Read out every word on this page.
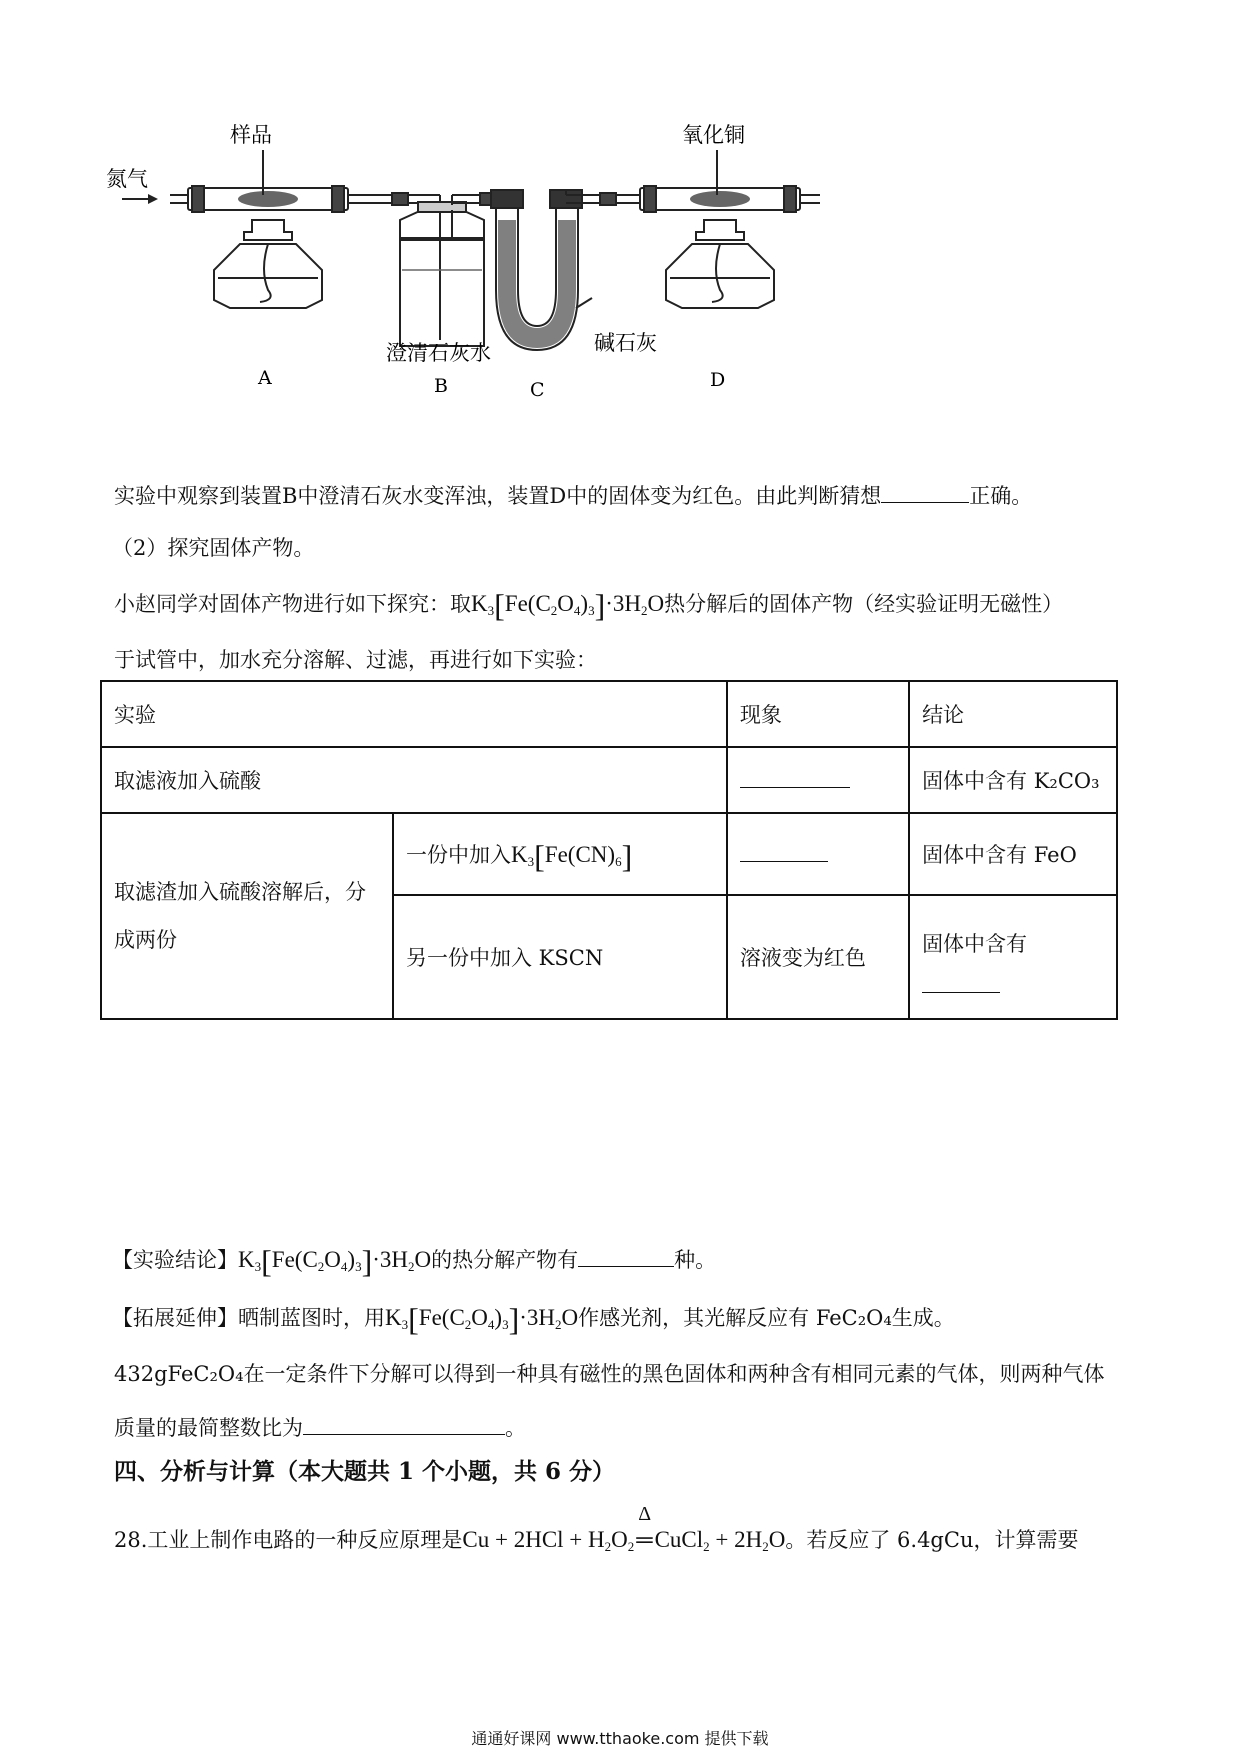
样品
氮气
氧化铜
澄清石灰水	碱石灰
A	B	C	D
实验中观察到装置B中澄清石灰水变浑浊，装置D中的固体变为红色。由此判断猜想	正确。
（2）探究固体产物。
小赵同学对固体产物进行如下探究：取$K_3[Fe(C_2O_4)_3]\cdot 3H_2O$热分解后的固体产物（经实验证明无磁性）
于试管中，加水充分溶解、过滤，再进行如下实验：
实验		现象	结论
取滤液加入硫酸			固体中含有 K₂CO₃
取滤渣加入硫酸溶解后，分成两份	一份中加入$K_3[Fe(CN)_6]$		固体中含有 FeO
	另一份中加入 KSCN	溶液变为红色	固体中含有
【实验结论】$K_3[Fe(C_2O_4)_3]\cdot 3H_2O$的热分解产物有	种。
【拓展延伸】晒制蓝图时，用$K_3[Fe(C_2O_4)_3]\cdot 3H_2O$作感光剂，其光解反应有 FeC₂O₄生成。
432gFeC₂O₄在一定条件下分解可以得到一种具有磁性的黑色固体和两种含有相同元素的气体，则两种气体
质量的最简整数比为	。
四、分析与计算（本大题共 1 个小题，共 6 分）
28.工业上制作电路的一种反应原理是$Cu + 2HCl + H_2O_2$
Δ
═CuCl$_2$ + $2H_2O$。若反应了 6.4gCu，计算需要
通通好课网 www.tthaoke.com 提供下载
